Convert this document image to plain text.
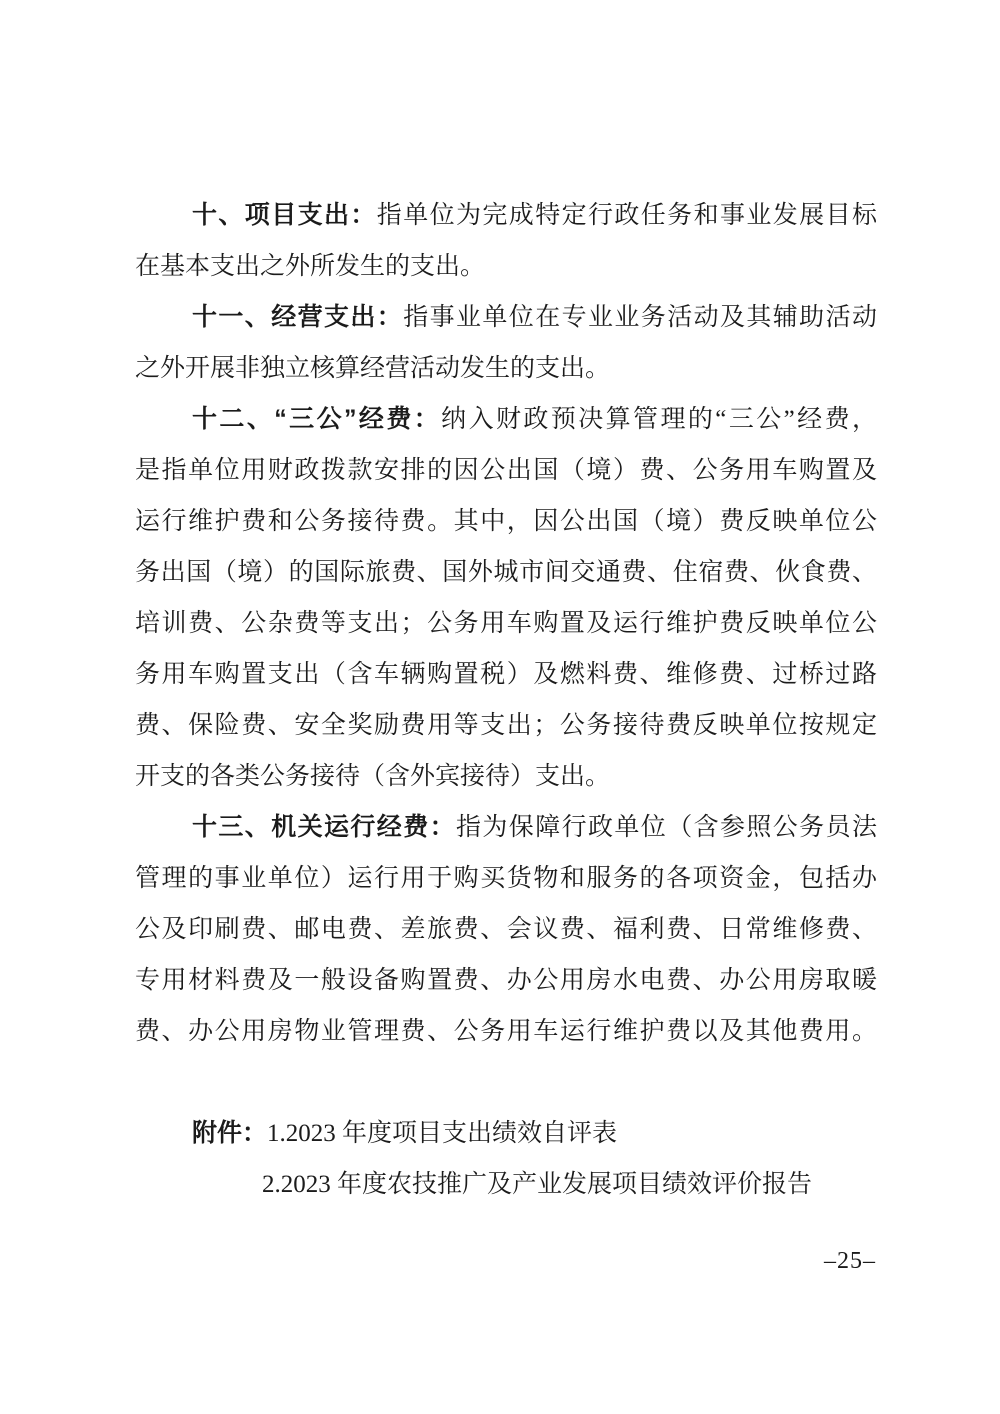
十、项目支出：指单位为完成特定行政任务和事业发展目标
在基本支出之外所发生的支出。
十一、经营支出：指事业单位在专业业务活动及其辅助活动
之外开展非独立核算经营活动发生的支出。
十二、“三公”经费：纳入财政预决算管理的“三公”经费，
是指单位用财政拨款安排的因公出国（境）费、公务用车购置及
运行维护费和公务接待费。其中，因公出国（境）费反映单位公
务出国（境）的国际旅费、国外城市间交通费、住宿费、伙食费、
培训费、公杂费等支出；公务用车购置及运行维护费反映单位公
务用车购置支出（含车辆购置税）及燃料费、维修费、过桥过路
费、保险费、安全奖励费用等支出；公务接待费反映单位按规定
开支的各类公务接待（含外宾接待）支出。
十三、机关运行经费：指为保障行政单位（含参照公务员法
管理的事业单位）运行用于购买货物和服务的各项资金，包括办
公及印刷费、邮电费、差旅费、会议费、福利费、日常维修费、
专用材料费及一般设备购置费、办公用房水电费、办公用房取暖
费、办公用房物业管理费、公务用车运行维护费以及其他费用。
附件：1.2023 年度项目支出绩效自评表
2.2023 年度农技推广及产业发展项目绩效评价报告
–25–
